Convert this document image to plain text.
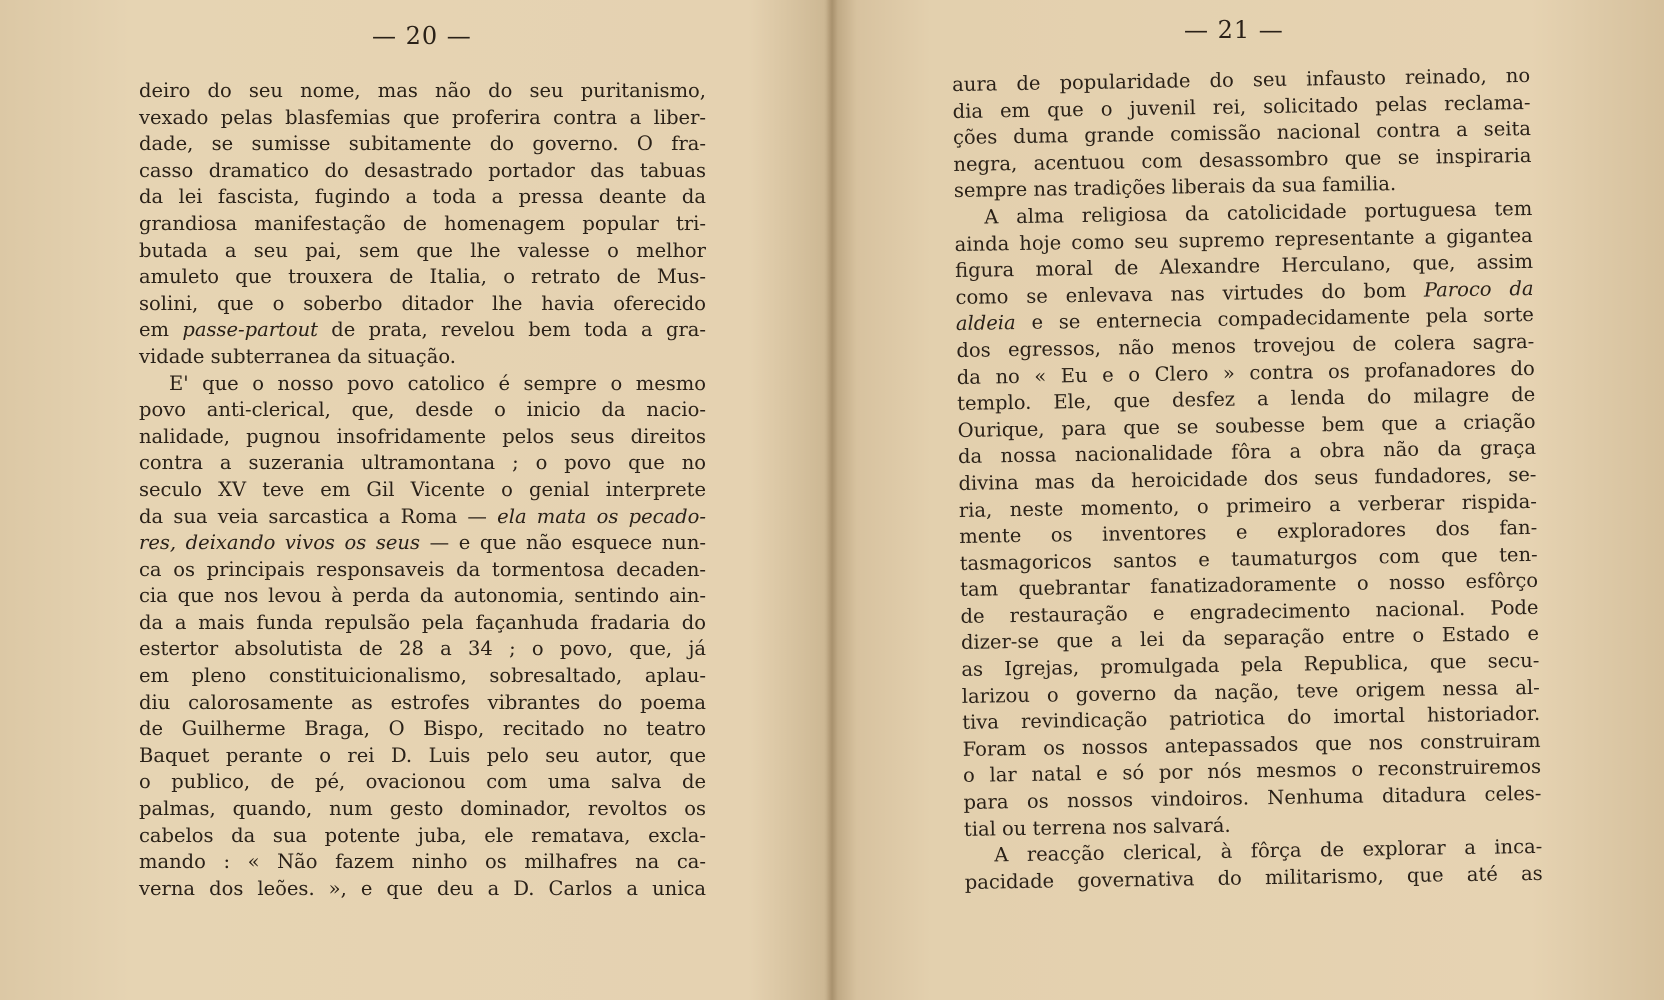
— 20 —
deiro do seu nome, mas não do seu puritanismo,
vexado pelas blasfemias que proferira contra a liber-
dade, se sumisse subitamente do governo. O fra-
casso dramatico do desastrado portador das tabuas
da lei fascista, fugindo a toda a pressa deante da
grandiosa manifestação de homenagem popular tri-
butada a seu pai, sem que lhe valesse o melhor
amuleto que trouxera de Italia, o retrato de Mus-
solini, que o soberbo ditador lhe havia oferecido
em passe-partout de prata, revelou bem toda a gra-
vidade subterranea da situação.
E' que o nosso povo catolico é sempre o mesmo
povo anti-clerical, que, desde o inicio da nacio-
nalidade, pugnou insofridamente pelos seus direitos
contra a suzerania ultramontana ; o povo que no
seculo XV teve em Gil Vicente o genial interprete
da sua veia sarcastica a Roma — ela mata os pecado-
res, deixando vivos os seus — e que não esquece nun-
ca os principais responsaveis da tormentosa decaden-
cia que nos levou à perda da autonomia, sentindo ain-
da a mais funda repulsão pela façanhuda fradaria do
estertor absolutista de 28 a 34 ; o povo, que, já
em pleno constituicionalismo, sobresaltado, aplau-
diu calorosamente as estrofes vibrantes do poema
de Guilherme Braga, O Bispo, recitado no teatro
Baquet perante o rei D. Luis pelo seu autor, que
o publico, de pé, ovacionou com uma salva de
palmas, quando, num gesto dominador, revoltos os
cabelos da sua potente juba, ele rematava, excla-
mando : « Não fazem ninho os milhafres na ca-
verna dos leões. », e que deu a D. Carlos a unica
— 21 —
aura de popularidade do seu infausto reinado, no
dia em que o juvenil rei, solicitado pelas reclama-
ções duma grande comissão nacional contra a seita
negra, acentuou com desassombro que se inspiraria
sempre nas tradições liberais da sua familia.
A alma religiosa da catolicidade portuguesa tem
ainda hoje como seu supremo representante a gigantea
figura moral de Alexandre Herculano, que, assim
como se enlevava nas virtudes do bom Paroco da
aldeia e se enternecia compadecidamente pela sorte
dos egressos, não menos trovejou de colera sagra-
da no « Eu e o Clero » contra os profanadores do
templo. Ele, que desfez a lenda do milagre de
Ourique, para que se soubesse bem que a criação
da nossa nacionalidade fôra a obra não da graça
divina mas da heroicidade dos seus fundadores, se-
ria, neste momento, o primeiro a verberar rispida-
mente os inventores e exploradores dos fan-
tasmagoricos santos e taumaturgos com que ten-
tam quebrantar fanatizadoramente o nosso esfôrço
de restauração e engradecimento nacional. Pode
dizer-se que a lei da separação entre o Estado e
as Igrejas, promulgada pela Republica, que secu-
larizou o governo da nação, teve origem nessa al-
tiva revindicação patriotica do imortal historiador.
Foram os nossos antepassados que nos construiram
o lar natal e só por nós mesmos o reconstruiremos
para os nossos vindoiros. Nenhuma ditadura celes-
tial ou terrena nos salvará.
A reacção clerical, à fôrça de explorar a inca-
pacidade governativa do militarismo, que até as
